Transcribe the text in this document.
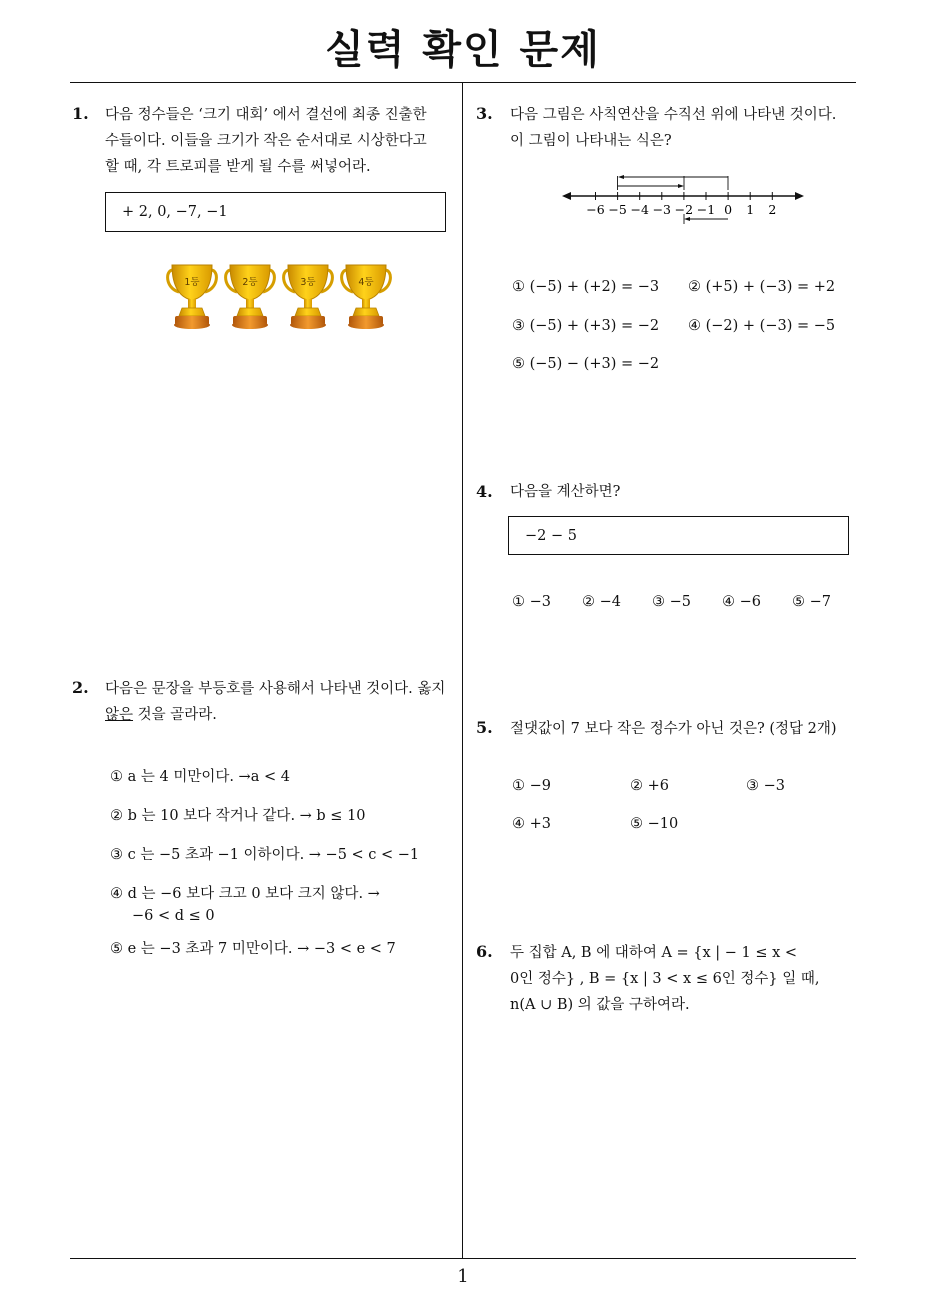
실력 확인 문제
1
1. 다음 정수들은 ‘크기 대회’ 에서 결선에 최종 진출한
수들이다. 이들을 크기가 작은 순서대로 시상한다고
할 때, 각 트로피를 받게 될 수를 써넣어라.
+ 2, 0, −7, −1
1등	2등	3등	4등
2. 다음은 문장을 부등호를 사용해서 나타낸 것이다. 옳지
않은 것을 골라라.
① a 는 4 미만이다. →a < 4
② b 는 10 보다 작거나 같다. → b ≤ 10
③ c 는 −5 초과 −1 이하이다. → −5 < c < −1
④ d 는 −6 보다 크고 0 보다 크지 않다. →
−6 < d ≤ 0
⑤ e 는 −3 초과 7 미만이다. → −3 < e < 7
3. 다음 그림은 사칙연산을 수직선 위에 나타낸 것이다.
이 그림이 나타내는 식은?
−6 −5 −4 −3 −2 −1 0 1 2
① (−5) + (+2) = −3 ② (+5) + (−3) = +2
③ (−5) + (+3) = −2 ④ (−2) + (−3) = −5
⑤ (−5) − (+3) = −2
4. 다음을 계산하면?
−2 − 5
① −3 ② −4 ③ −5 ④ −6 ⑤ −7
5. 절댓값이 7 보다 작은 정수가 아닌 것은? (정답 2개)
① −9	② +6	③ −3
④ +3	⑤ −10
6. 두 집합 A, B 에 대하여 A = {x | − 1 ≤ x <
0인 정수} , B = {x | 3 < x ≤ 6인 정수} 일 때,
n(A ∪ B) 의 값을 구하여라.
